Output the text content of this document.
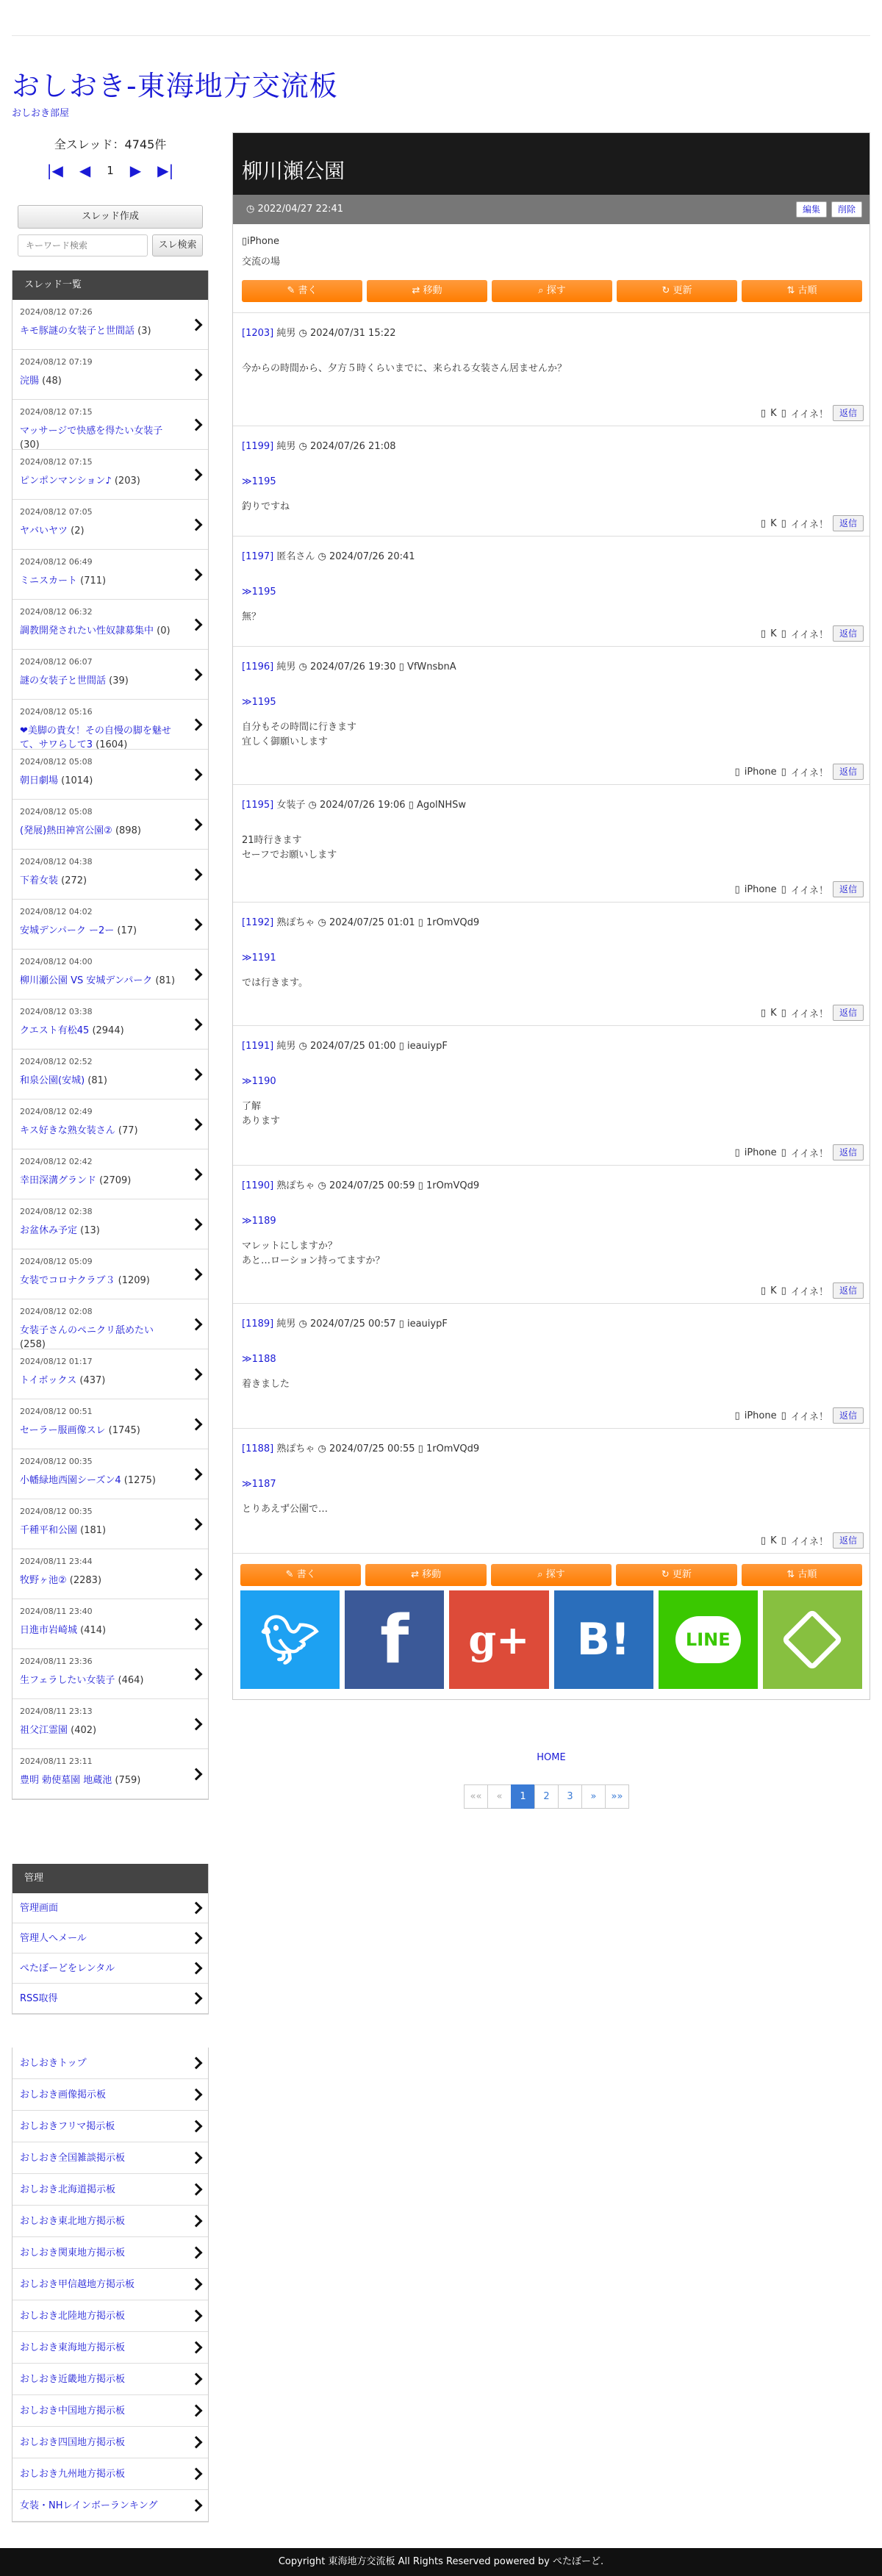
おしおき-東海地方交流板
おしおき部屋
全スレッド：4745件
|◀ ◀ 1 ▶ ▶|
スレッド作成
キーワード検索
スレ検索
スレッド一覧
2024/08/12 07:26
キモ豚謎の女装子と世間話 (3)
2024/08/12 07:19
浣腸 (48)
2024/08/12 07:15
マッサージで快感を得たい女装子 (30)
2024/08/12 07:15
ピンポンマンション♪ (203)
2024/08/12 07:05
ヤバいヤツ (2)
2024/08/12 06:49
ミニスカート (711)
2024/08/12 06:32
調教開発されたい性奴隷募集中 (0)
2024/08/12 06:07
謎の女装子と世間話 (39)
2024/08/12 05:16
❤美脚の貴女！その自慢の脚を魅せて、サワらして3 (1604)
2024/08/12 05:08
朝日劇場 (1014)
2024/08/12 05:08
(発展)熱田神宮公園② (898)
2024/08/12 04:38
下着女装 (272)
2024/08/12 04:02
安城デンパーク ー2ー (17)
2024/08/12 04:00
柳川瀬公園 VS 安城デンパーク (81)
2024/08/12 03:38
クエスト有松45 (2944)
2024/08/12 02:52
和泉公園(安城) (81)
2024/08/12 02:49
キス好きな熟女装さん (77)
2024/08/12 02:42
幸田深溝グランド (2709)
2024/08/12 02:38
お盆休み予定 (13)
2024/08/12 05:09
女装でコロナクラブ３ (1209)
2024/08/12 02:08
女装子さんのペニクリ舐めたい (258)
2024/08/12 01:17
トイボックス (437)
2024/08/12 00:51
セーラー服画像スレ (1745)
2024/08/12 00:35
小幡緑地西園シーズン4 (1275)
2024/08/12 00:35
千種平和公園 (181)
2024/08/11 23:44
牧野ヶ池② (2283)
2024/08/11 23:40
日進市岩崎城 (414)
2024/08/11 23:36
生フェラしたい女装子 (464)
2024/08/11 23:13
祖父江霊園 (402)
2024/08/11 23:11
豊明 勅使墓園 地蔵池 (759)
管理
管理画面
管理人へメール
ぺたぼーどをレンタル
RSS取得
おしおきトップ
おしおき画像掲示板
おしおきフリマ掲示板
おしおき全国雑談掲示板
おしおき北海道掲示板
おしおき東北地方掲示板
おしおき関東地方掲示板
おしおき甲信越地方掲示板
おしおき北陸地方掲示板
おしおき東海地方掲示板
おしおき近畿地方掲示板
おしおき中国地方掲示板
おしおき四国地方掲示板
おしおき九州地方掲示板
女装・NHレインボーランキング
柳川瀬公園
◷ 2022/04/27 22:41	編集	削除

▯iPhone

交流の場

✎ 書く	⇄ 移動	⌕ 探す	↻ 更新	⇅ 古順
[1203] 純男 ◷ 2024/07/31 15:22
今からの時間から、夕方５時くらいまでに、来られる女装さん居ませんか？
▯ K ▯ イイネ！	返信
[1199] 純男 ◷ 2024/07/26 21:08
≫1195
釣りですね
▯ K ▯ イイネ！	返信
[1197] 匿名さん ◷ 2024/07/26 20:41
≫1195
無？
▯ K ▯ イイネ！	返信
[1196] 純男 ◷ 2024/07/26 19:30 ▯ VfWnsbnA
≫1195
自分もその時間に行きます
宜しく御願いします
▯ iPhone ▯ イイネ！	返信
[1195] 女装子 ◷ 2024/07/26 19:06 ▯ AgolNHSw
21時行きます
セーフでお願いします
▯ iPhone ▯ イイネ！	返信
[1192] 熟ぽちゃ ◷ 2024/07/25 01:01 ▯ 1rOmVQd9
≫1191
では行きます。
▯ K ▯ イイネ！	返信
[1191] 純男 ◷ 2024/07/25 01:00 ▯ ieauiypF
≫1190
了解
あります
▯ iPhone ▯ イイネ！	返信
[1190] 熟ぽちゃ ◷ 2024/07/25 00:59 ▯ 1rOmVQd9
≫1189
マレットにしますか？
あと…ローション持ってますか？
▯ K ▯ イイネ！	返信
[1189] 純男 ◷ 2024/07/25 00:57 ▯ ieauiypF
≫1188
着きました
▯ iPhone ▯ イイネ！	返信
[1188] 熟ぽちゃ ◷ 2024/07/25 00:55 ▯ 1rOmVQd9
≫1187
とりあえず公園で…
▯ K ▯ イイネ！	返信
✎ 書く	⇄ 移動	⌕ 探す	↻ 更新	⇅ 古順
🐦︎ f	g+	B!	LINE
HOME
««	«	1	2	3	»	»»
Copyright 東海地方交流板 All Rights Reserved powered by ぺたぼーど.
